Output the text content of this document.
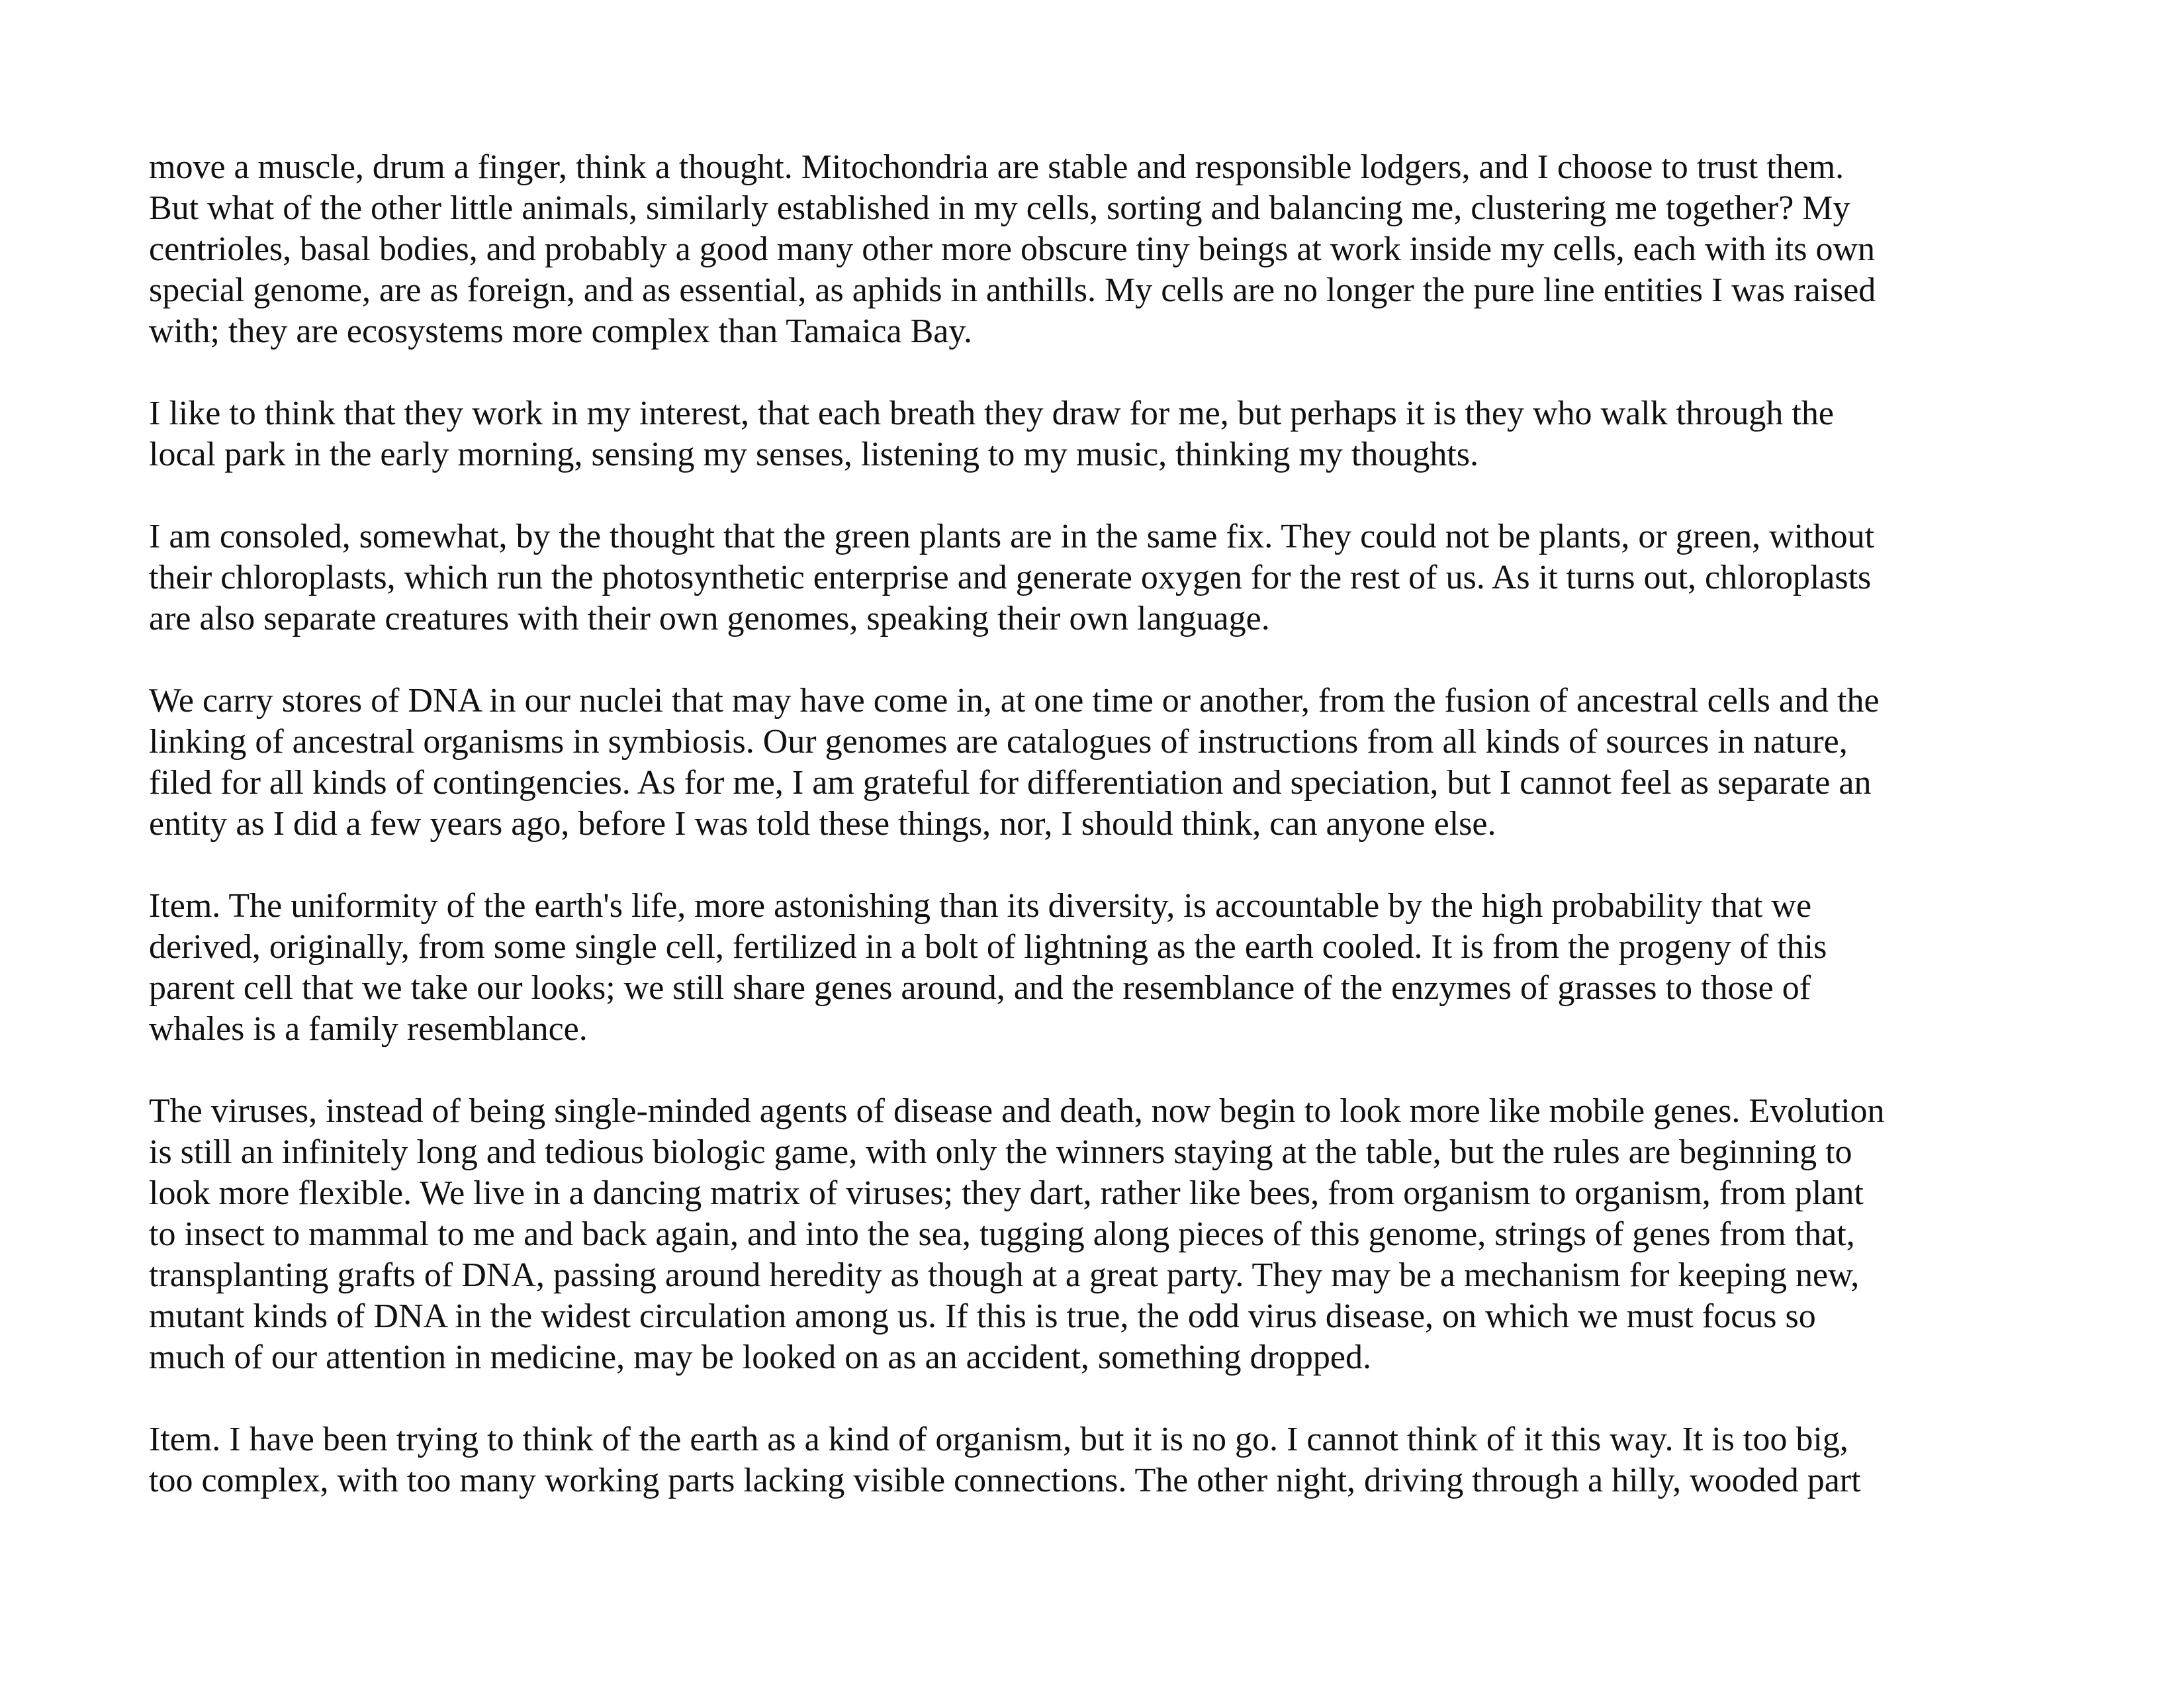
move a muscle, drum a finger, think a thought. Mitochondria are stable and responsible lodgers, and I choose to trust them.
But what of the other little animals, similarly established in my cells, sorting and balancing me, clustering me together? My
centrioles, basal bodies, and probably a good many other more obscure tiny beings at work inside my cells, each with its own
special genome, are as foreign, and as essential, as aphids in anthills. My cells are no longer the pure line entities I was raised
with; they are ecosystems more complex than Tamaica Bay.

I like to think that they work in my interest, that each breath they draw for me, but perhaps it is they who walk through the
local park in the early morning, sensing my senses, listening to my music, thinking my thoughts.

I am consoled, somewhat, by the thought that the green plants are in the same fix. They could not be plants, or green, without
their chloroplasts, which run the photosynthetic enterprise and generate oxygen for the rest of us. As it turns out, chloroplasts
are also separate creatures with their own genomes, speaking their own language.

We carry stores of DNA in our nuclei that may have come in, at one time or another, from the fusion of ancestral cells and the
linking of ancestral organisms in symbiosis. Our genomes are catalogues of instructions from all kinds of sources in nature,
filed for all kinds of contingencies. As for me, I am grateful for differentiation and speciation, but I cannot feel as separate an
entity as I did a few years ago, before I was told these things, nor, I should think, can anyone else.

Item. The uniformity of the earth's life, more astonishing than its diversity, is accountable by the high probability that we
derived, originally, from some single cell, fertilized in a bolt of lightning as the earth cooled. It is from the progeny of this
parent cell that we take our looks; we still share genes around, and the resemblance of the enzymes of grasses to those of
whales is a family resemblance.

The viruses, instead of being single-minded agents of disease and death, now begin to look more like mobile genes. Evolution
is still an infinitely long and tedious biologic game, with only the winners staying at the table, but the rules are beginning to
look more flexible. We live in a dancing matrix of viruses; they dart, rather like bees, from organism to organism, from plant
to insect to mammal to me and back again, and into the sea, tugging along pieces of this genome, strings of genes from that,
transplanting grafts of DNA, passing around heredity as though at a great party. They may be a mechanism for keeping new,
mutant kinds of DNA in the widest circulation among us. If this is true, the odd virus disease, on which we must focus so
much of our attention in medicine, may be looked on as an accident, something dropped.

Item. I have been trying to think of the earth as a kind of organism, but it is no go. I cannot think of it this way. It is too big,
too complex, with too many working parts lacking visible connections. The other night, driving through a hilly, wooded part
